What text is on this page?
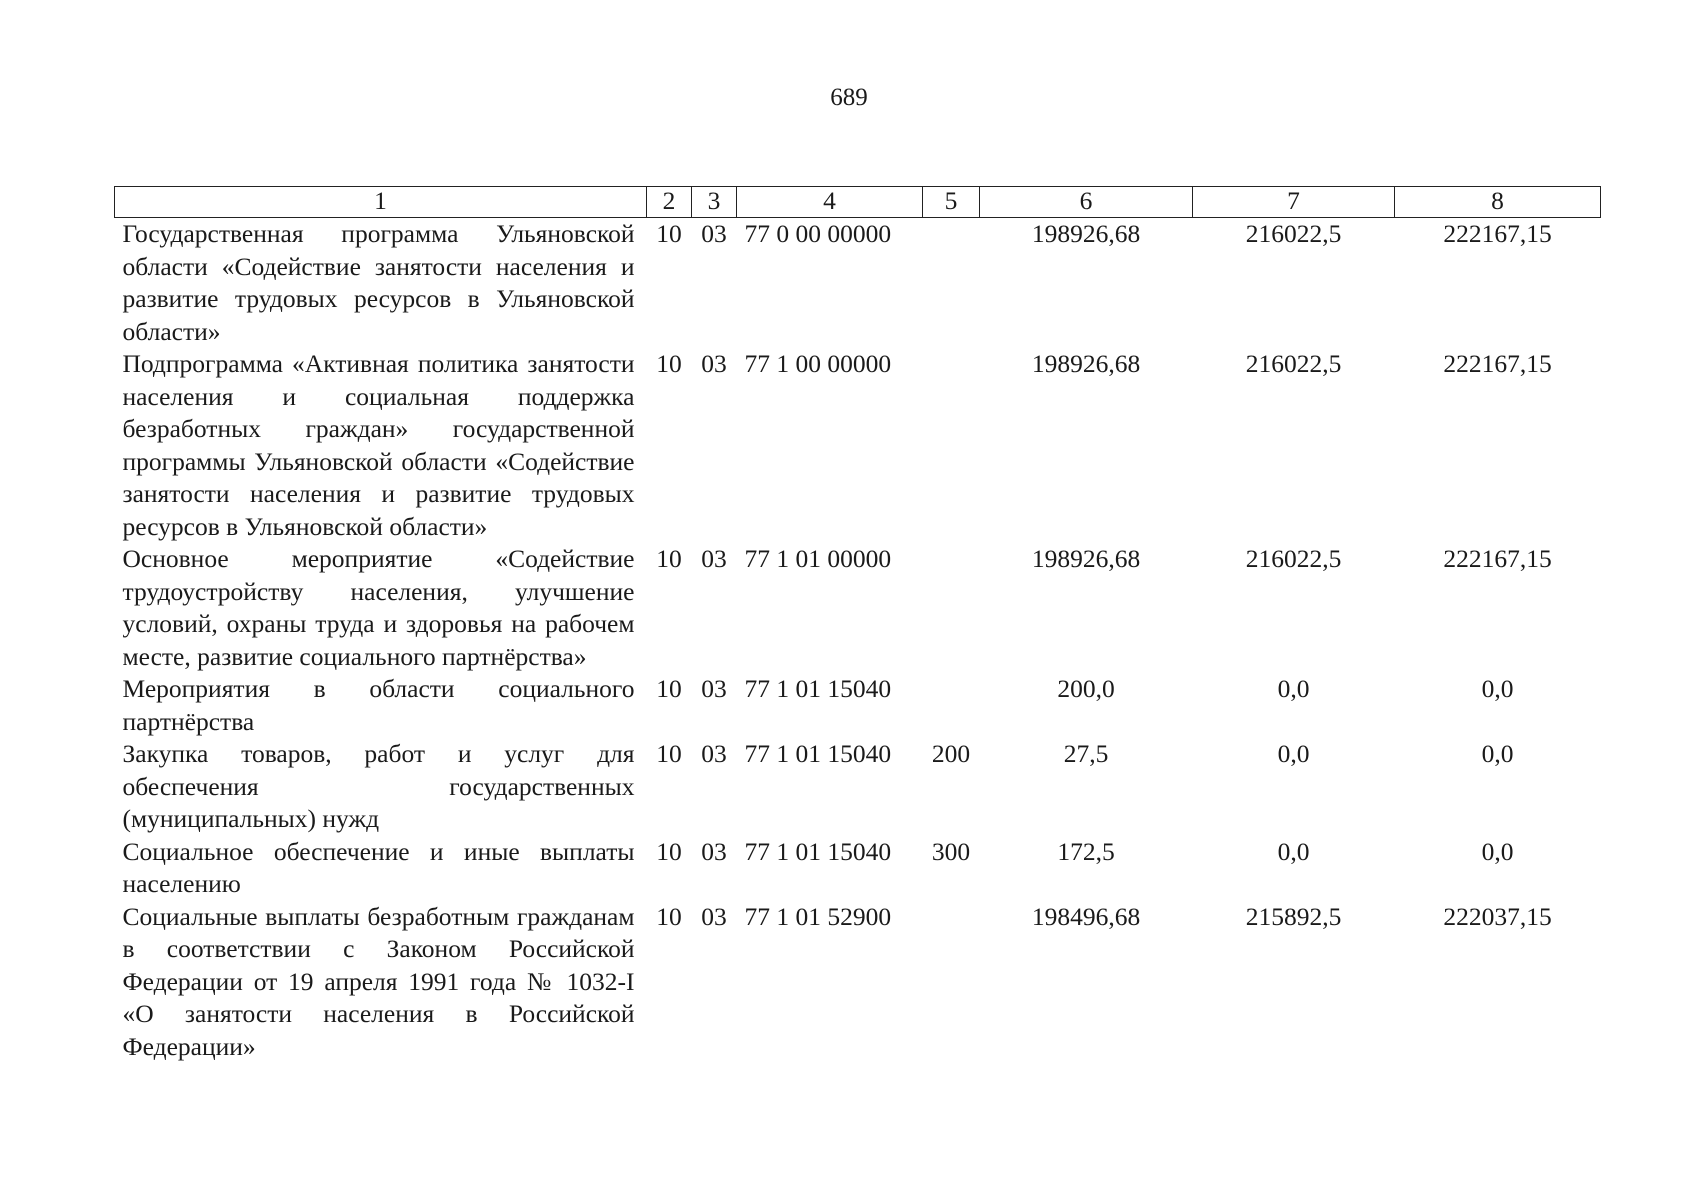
689
1	2	3	4	5	6	7	8
Государственная программа Ульяновской области «Содействие занятости населения и развитие трудовых ресурсов в Ульяновской области»	10	03	77 0 00 00000		198926,68	216022,5	222167,15
Подпрограмма «Активная политика занятости населения и социальная поддержка безработных граждан» государственной программы Ульяновской области «Содействие занятости населения и развитие трудовых ресурсов в Ульяновской области»	10	03	77 1 00 00000		198926,68	216022,5	222167,15
Основное мероприятие «Содействие трудоустройству населения, улучшение условий, охраны труда и здоровья на рабочем месте, развитие социального партнёрства»	10	03	77 1 01 00000		198926,68	216022,5	222167,15
Мероприятия в области социального партнёрства	10	03	77 1 01 15040		200,0	0,0	0,0
Закупка товаров, работ и услуг для обеспечения государственных (муниципальных) нужд	10	03	77 1 01 15040	200	27,5	0,0	0,0
Социальное обеспечение и иные выплаты населению	10	03	77 1 01 15040	300	172,5	0,0	0,0
Социальные выплаты безработным гражданам в соответствии с Законом Российской Федерации от 19 апреля 1991 года № 1032-I «О занятости населения в Российской Федерации»	10	03	77 1 01 52900		198496,68	215892,5	222037,15
